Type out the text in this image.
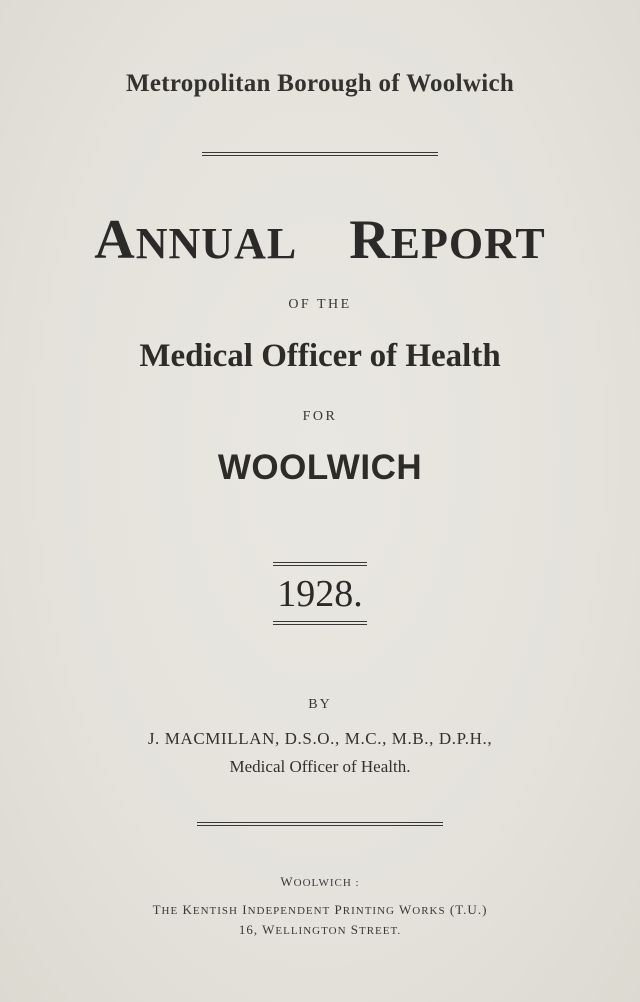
Metropolitan Borough of Woolwich
ANNUAL REPORT
OF THE
Medical Officer of Health
FOR
WOOLWICH
1928.
BY
J. MACMILLAN, D.S.O., M.C., M.B., D.P.H.,
Medical Officer of Health.
WOOLWICH :
THE KENTISH INDEPENDENT PRINTING WORKS (T.U.)
16, WELLINGTON STREET.
